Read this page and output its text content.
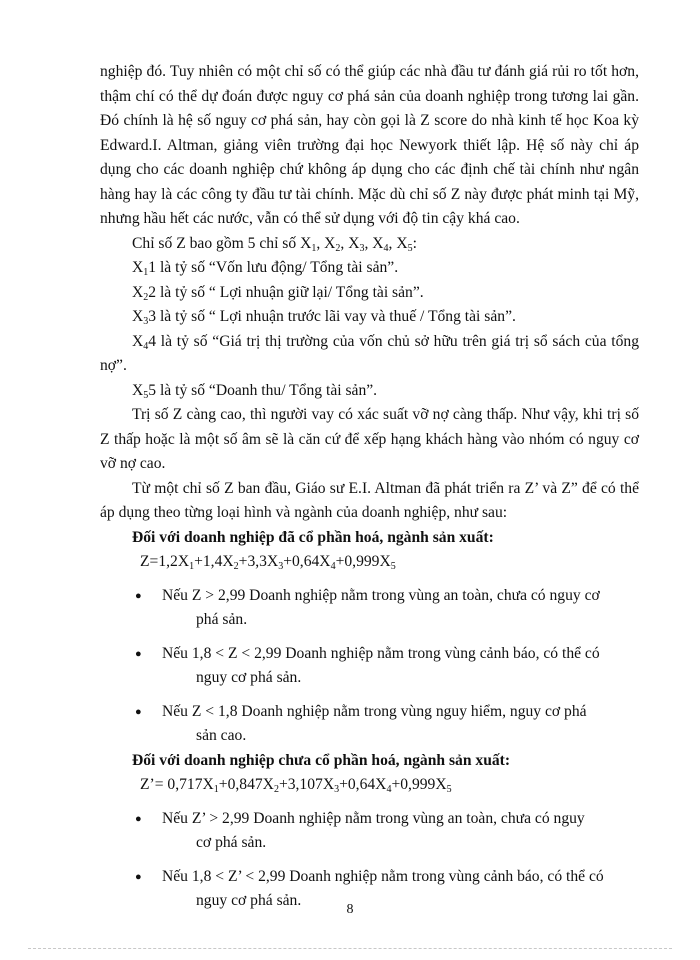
nghiệp đó. Tuy nhiên có một chỉ số có thể giúp các nhà đầu tư đánh giá rủi ro tốt hơn, thậm chí có thể dự đoán được nguy cơ phá sản của doanh nghiệp trong tương lai gần. Đó chính là hệ số nguy cơ phá sản, hay còn gọi là Z score do nhà kinh tế học Koa kỳ Edward.I. Altman, giảng viên trường đại học Newyork thiết lập. Hệ số này chỉ áp dụng cho các doanh nghiệp chứ không áp dụng cho các định chế tài chính như ngân hàng hay là các công ty đầu tư tài chính. Mặc dù chỉ số Z này được phát minh tại Mỹ, nhưng hầu hết các nước, vẫn có thể sử dụng với độ tin cậy khá cao.

Chỉ số Z bao gồm 5 chỉ số $X_1$, $X_2$, $X_3$, $X_4$, $X_5$:

$X_11$ là tỷ số “Vốn lưu động/ Tổng tài sản”.

$X_22$ là tỷ số “ Lợi nhuận giữ lại/ Tổng tài sản”.

$X_33$ là tỷ số “ Lợi nhuận trước lãi vay và thuế / Tổng tài sản”.

$X_44$ là tỷ số “Giá trị thị trường của vốn chủ sở hữu trên giá trị sổ sách của tổng nợ”.

$X_55$ là tỷ số “Doanh thu/ Tổng tài sản”.

Trị số Z càng cao, thì người vay có xác suất vỡ nợ càng thấp. Như vậy, khi trị số Z thấp hoặc là một số âm sẽ là căn cứ để xếp hạng khách hàng vào nhóm có nguy cơ vỡ nợ cao.

Từ một chỉ số Z ban đầu, Giáo sư E.I. Altman đã phát triển ra Z’ và Z” để có thể áp dụng theo từng loại hình và ngành của doanh nghiệp, như sau:

Đối với doanh nghiệp đã cổ phần hoá, ngành sản xuất:

$Z=1,2X_1+1,4X_2+3,3X_3+0,64X_4+0,999X_5$

● Nếu Z > 2,99 Doanh nghiệp nằm trong vùng an toàn, chưa có nguy cơ
phá sản.
● Nếu 1,8 < Z < 2,99 Doanh nghiệp nằm trong vùng cảnh báo, có thể có
nguy cơ phá sản.
● Nếu Z < 1,8 Doanh nghiệp nằm trong vùng nguy hiểm, nguy cơ phá
sản cao.

Đối với doanh nghiệp chưa cổ phần hoá, ngành sản xuất:

Z’= $0,717X_1+0,847X_2+3,107X_3+0,64X_4+0,999X_5$

● Nếu Z’ > 2,99 Doanh nghiệp nằm trong vùng an toàn, chưa có nguy
cơ phá sản.
● Nếu 1,8 < Z’ < 2,99 Doanh nghiệp nằm trong vùng cảnh báo, có thể có
nguy cơ phá sản.
8
